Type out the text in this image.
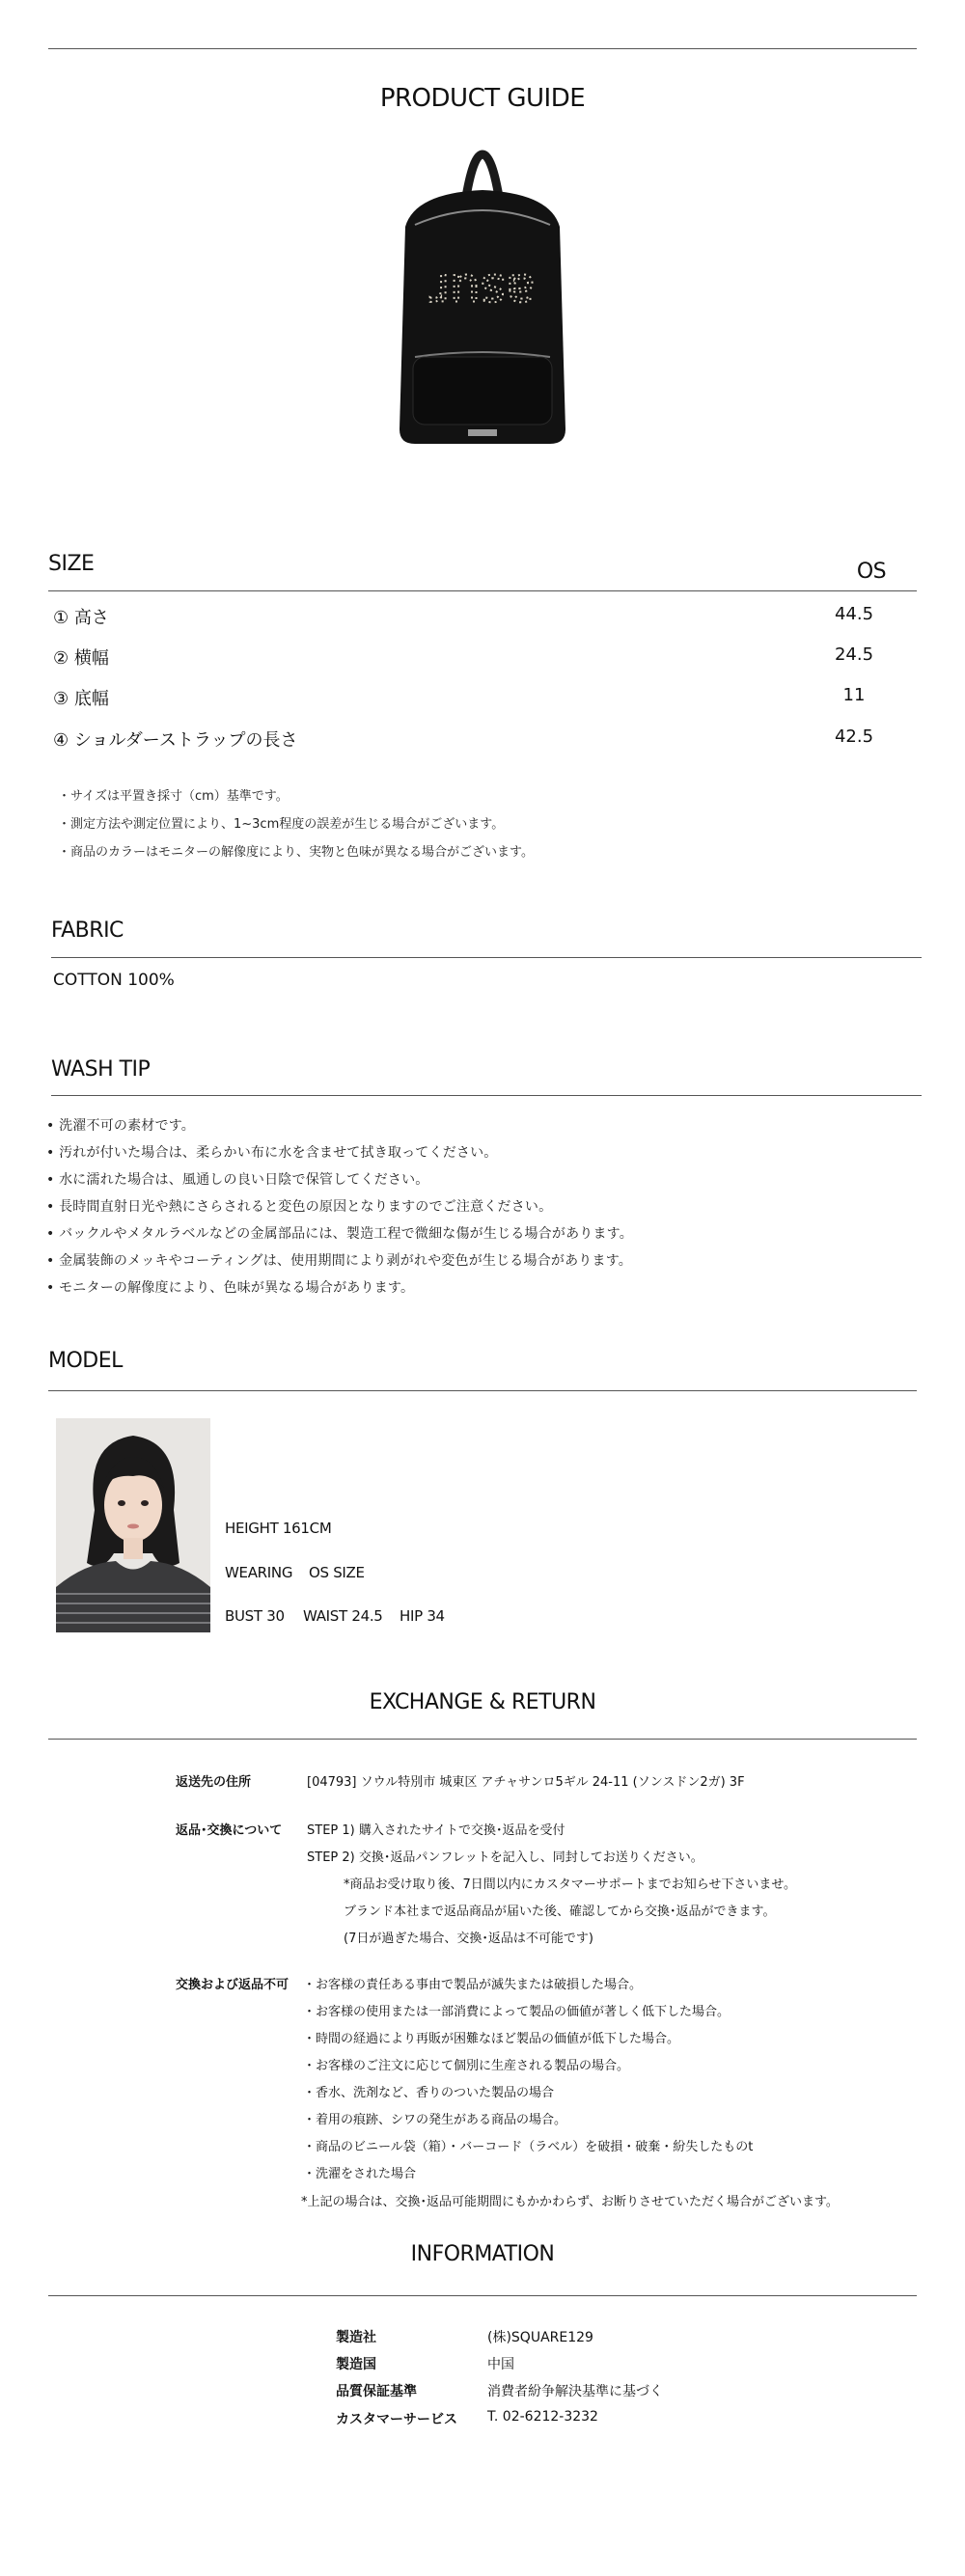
PRODUCT GUIDE
asur
SIZE	OS
① 高さ	44.5
② 横幅	24.5
③ 底幅	11
④ ショルダーストラップの長さ	42.5
・サイズは平置き採寸（cm）基準です。
・測定方法や測定位置により、1~3cm程度の誤差が生じる場合がございます。
・商品のカラーはモニターの解像度により、実物と色味が異なる場合がございます。
FABRIC
COTTON 100%
WASH TIP
• 洗濯不可の素材です。
• 汚れが付いた場合は、柔らかい布に水を含ませて拭き取ってください。
• 水に濡れた場合は、風通しの良い日陰で保管してください。
• 長時間直射日光や熱にさらされると変色の原因となりますのでご注意ください。
• バックルやメタルラベルなどの金属部品には、製造工程で微細な傷が生じる場合があります。
• 金属装飾のメッキやコーティングは、使用期間により剥がれや変色が生じる場合があります。
• モニターの解像度により、色味が異なる場合があります。
MODEL
HEIGHT 161CM
WEARING OS SIZE
BUST 30 WAIST 24.5 HIP 34
EXCHANGE & RETURN
返送先の住所	[04793] ソウル特別市 城東区 アチャサンロ5ギル 24-11 (ソンスドン2ガ) 3F
返品･交換について STEP 1) 購入されたサイトで交換･返品を受付
STEP 2) 交換･返品パンフレットを記入し、同封してお送りください。
*商品お受け取り後、7日間以内にカスタマーサポートまでお知らせ下さいませ。
ブランド本社まで返品商品が届いた後、確認してから交換･返品ができます。
(7日が過ぎた場合、交換･返品は不可能です)
交換および返品不可 ・お客様の責任ある事由で製品が滅失または破損した場合。
・お客様の使用または一部消費によって製品の価値が著しく低下した場合。
・時間の経過により再販が困難なほど製品の価値が低下した場合。
・お客様のご注文に応じて個別に生産される製品の場合。
・香水、洗剤など、香りのついた製品の場合
・着用の痕跡、シワの発生がある商品の場合。
・商品のビニール袋（箱）・バーコード（ラベル）を破損・破棄・紛失したものt
・洗濯をされた場合
*上記の場合は、交換･返品可能期間にもかかわらず、お断りさせていただく場合がございます。
INFORMATION
製造社	(株)SQUARE129
製造国	中国
品質保証基準	消費者紛争解決基準に基づく
カスタマーサービス T. 02-6212-3232
